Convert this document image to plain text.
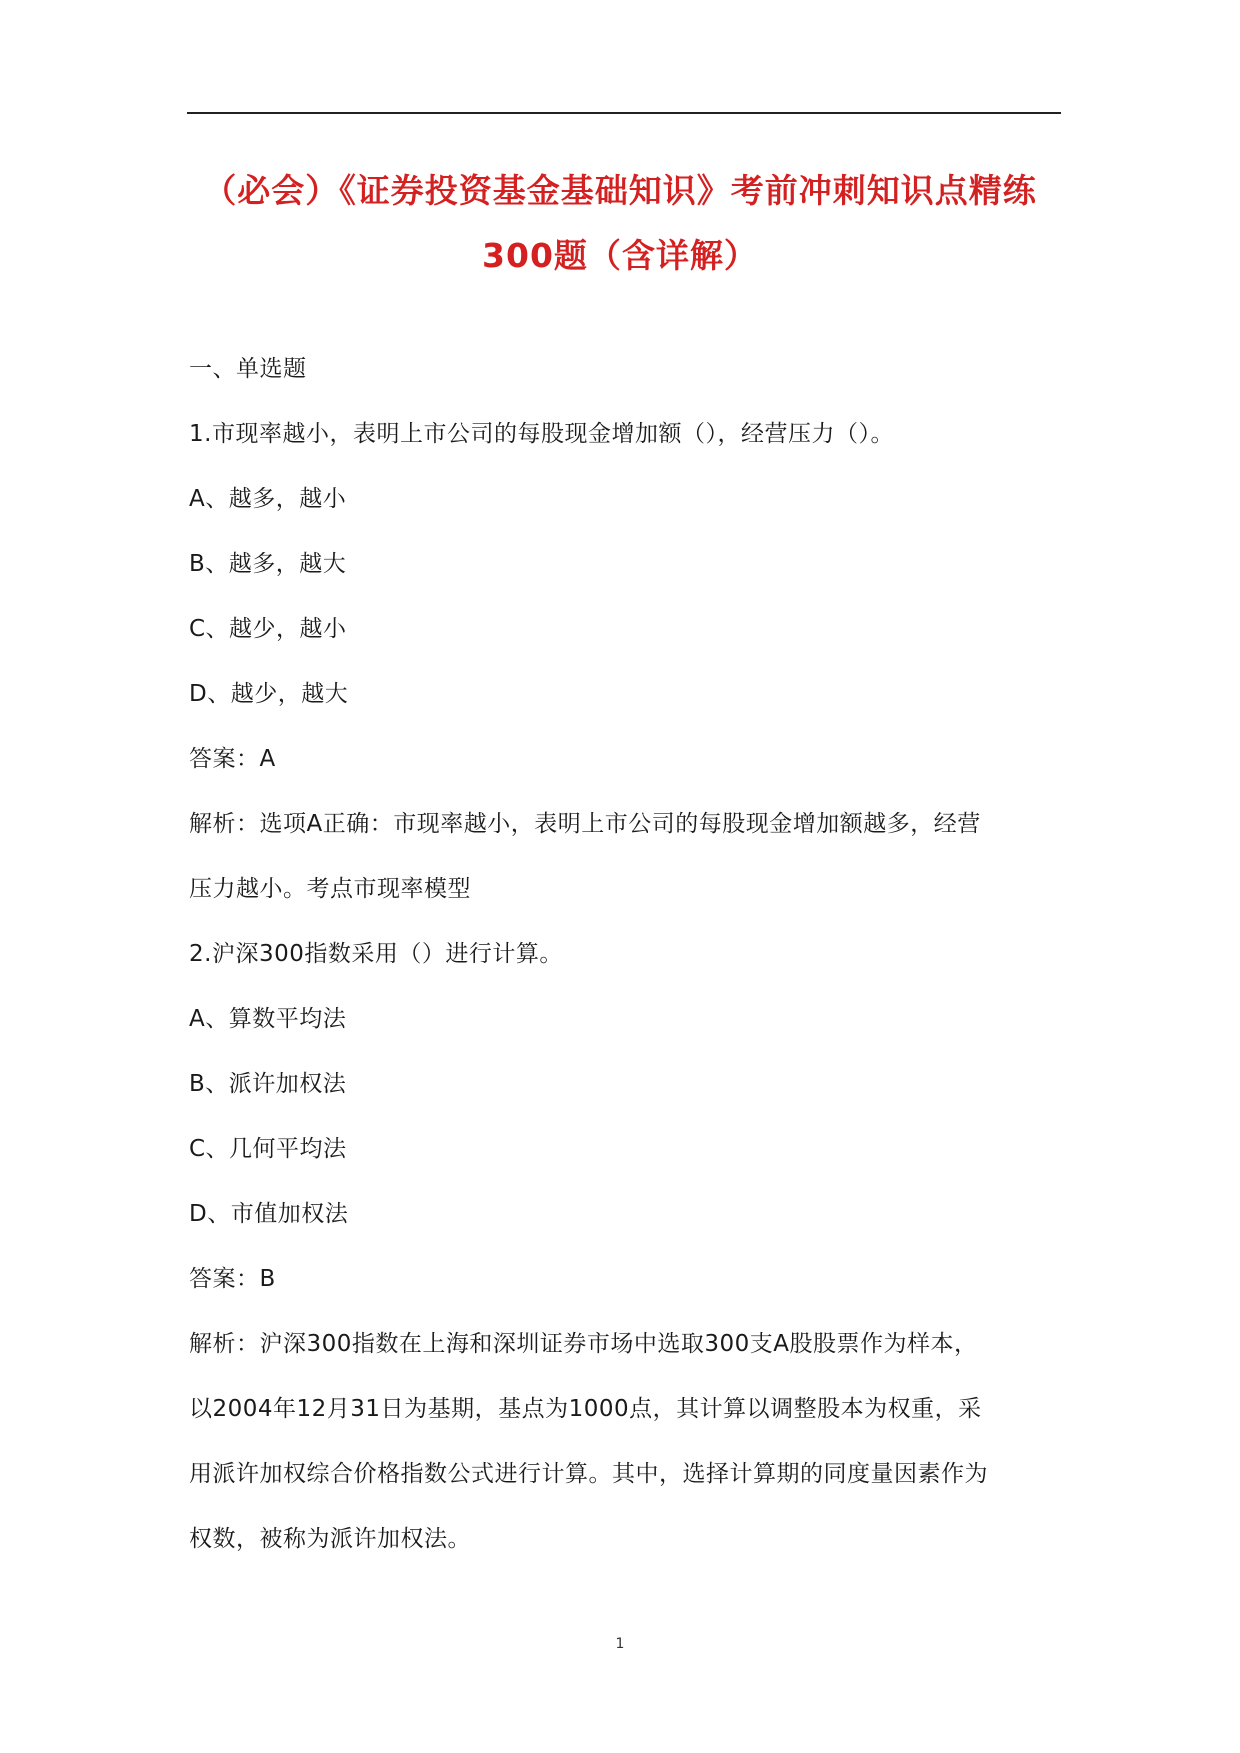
（必会）《证券投资基金基础知识》考前冲刺知识点精练
300题（含详解）
一、单选题
1.市现率越小，表明上市公司的每股现金增加额（），经营压力（）。
A、越多，越小
B、越多，越大
C、越少，越小
D、越少，越大
答案：A
解析：选项A正确：市现率越小，表明上市公司的每股现金增加额越多，经营
压力越小。考点市现率模型
2.沪深300指数采用（）进行计算。
A、算数平均法
B、派许加权法
C、几何平均法
D、市值加权法
答案：B
解析：沪深300指数在上海和深圳证券市场中选取300支A股股票作为样本，
以2004年12月31日为基期，基点为1000点，其计算以调整股本为权重，采
用派许加权综合价格指数公式进行计算。其中，选择计算期的同度量因素作为
权数，被称为派许加权法。
1
